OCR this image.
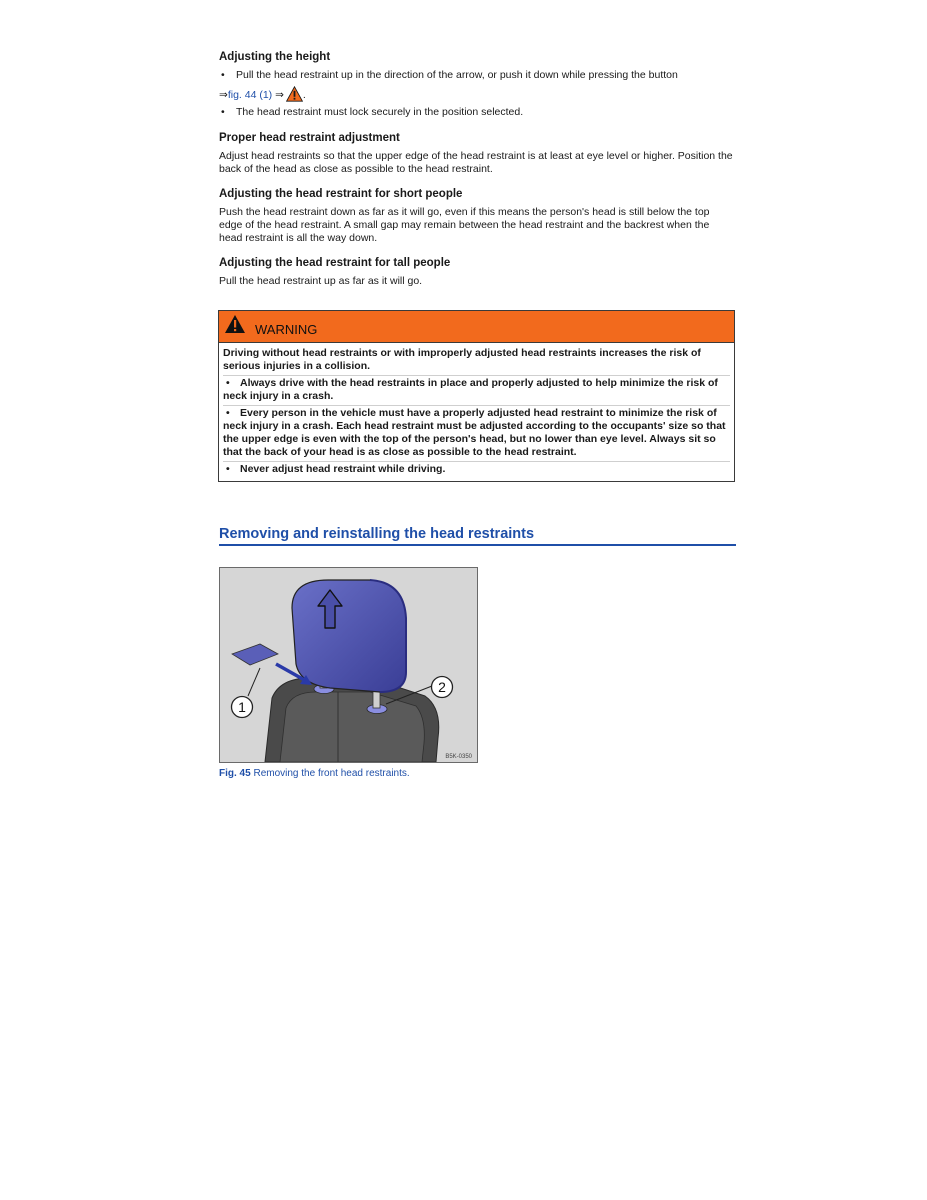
Adjusting the height
• Pull the head restraint up in the direction of the arrow, or push it down while pressing the button
⇒ fig. 44 (1)
⇒ .
• The head restraint must lock securely in the position selected.
Proper head restraint adjustment

Adjust head restraints so that the upper edge of the head restraint is at least at eye level or higher. Position the back of the head as close as possible to the head restraint.

Adjusting the head restraint for short people

Push the head restraint down as far as it will go, even if this means the person's head is still below the top edge of the head restraint. A small gap may remain between the head restraint and the backrest when the head restraint is all the way down.

Adjusting the head restraint for tall people

Pull the head restraint up as far as it will go.

WARNING
Driving without head restraints or with improperly adjusted head restraints increases the risk of serious injuries in a collision.
• Always drive with the head restraints in place and properly adjusted to help minimize the risk of neck injury in a crash.
• Every person in the vehicle must have a properly adjusted head restraint to minimize the risk of neck injury in a crash. Each head restraint must be adjusted according to the occupants' size so that the upper edge is even with the top of the person's head, but no lower than eye level. Always sit so that the back of your head is as close as possible to the head restraint.
• Never adjust head restraint while driving.
Removing and reinstalling the head restraints
1
2
B5K-0350
Fig. 45 Removing the front head restraints.
